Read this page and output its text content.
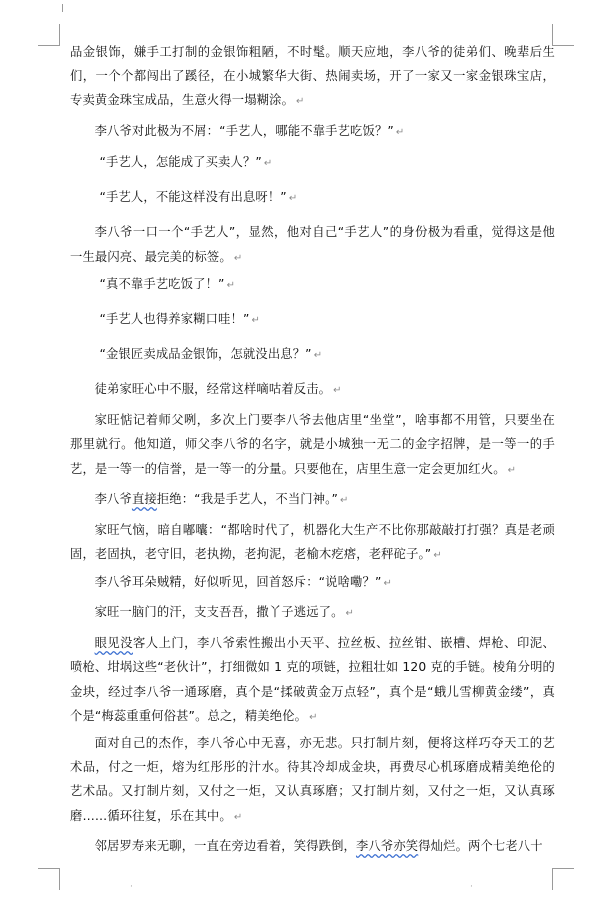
·	·

品金银饰，嫌手工打制的金银饰粗陋，不时髦。顺天应地，李八爷的徒弟们、晚辈后生们，一个个都闯出了蹊径，在小城繁华大街、热闹卖场，开了一家又一家金银珠宝店，专卖黄金珠宝成品，生意火得一塌糊涂。 ↵

李八爷对此极为不屑：“手艺人，哪能不靠手艺吃饭？” ↵

“手艺人，怎能成了买卖人？” ↵

“手艺人，不能这样没有出息呀！” ↵

李八爷一口一个“手艺人”，显然，他对自己“手艺人”的身份极为看重，觉得这是他一生最闪亮、最完美的标签。 ↵

“真不靠手艺吃饭了！” ↵

“手艺人也得养家糊口哇！” ↵

“金银匠卖成品金银饰，怎就没出息？” ↵

徒弟家旺心中不服，经常这样嘀咕着反击。 ↵

家旺惦记着师父咧，多次上门要李八爷去他店里“坐堂”，啥事都不用管，只要坐在那里就行。他知道，师父李八爷的名字，就是小城独一无二的金字招牌，是一等一的手艺，是一等一的信誉，是一等一的分量。只要他在，店里生意一定会更加红火。 ↵

李八爷直接拒绝：“我是手艺人，不当门神。” ↵

家旺气恼，暗自嘟囔：“都啥时代了，机器化大生产不比你那敲敲打打强？真是老顽固，老固执，老守旧，老执拗，老拘泥，老榆木疙瘩，老秤砣子。” ↵

李八爷耳朵贼精，好似听见，回首怒斥：“说啥嘞？” ↵

家旺一脑门的汗，支支吾吾，撒丫子逃远了。 ↵

眼见没客人上门，李八爷索性搬出小天平、拉丝板、拉丝钳、嵌槽、焊枪、印泥、喷枪、坩埚这些“老伙计”，打细微如 1 克的项链，拉粗壮如 120 克的手链。棱角分明的金块，经过李八爷一通琢磨，真个是“揉破黄金万点轻”，真个是“蛾儿雪柳黄金缕”，真个是“梅蕊重重何俗甚”。总之，精美绝伦。 ↵

面对自己的杰作，李八爷心中无喜，亦无悲。只打制片刻，便将这样巧夺天工的艺术品，付之一炬，熔为红彤彤的汁水。待其冷却成金块，再费尽心机琢磨成精美绝伦的艺术品。又打制片刻，又付之一炬，又认真琢磨；又打制片刻，又付之一炬，又认真琢磨……循环往复，乐在其中。 ↵

邻居罗寿来无聊，一直在旁边看着，笑得跌倒，李八爷亦笑得灿烂。两个七老八十
